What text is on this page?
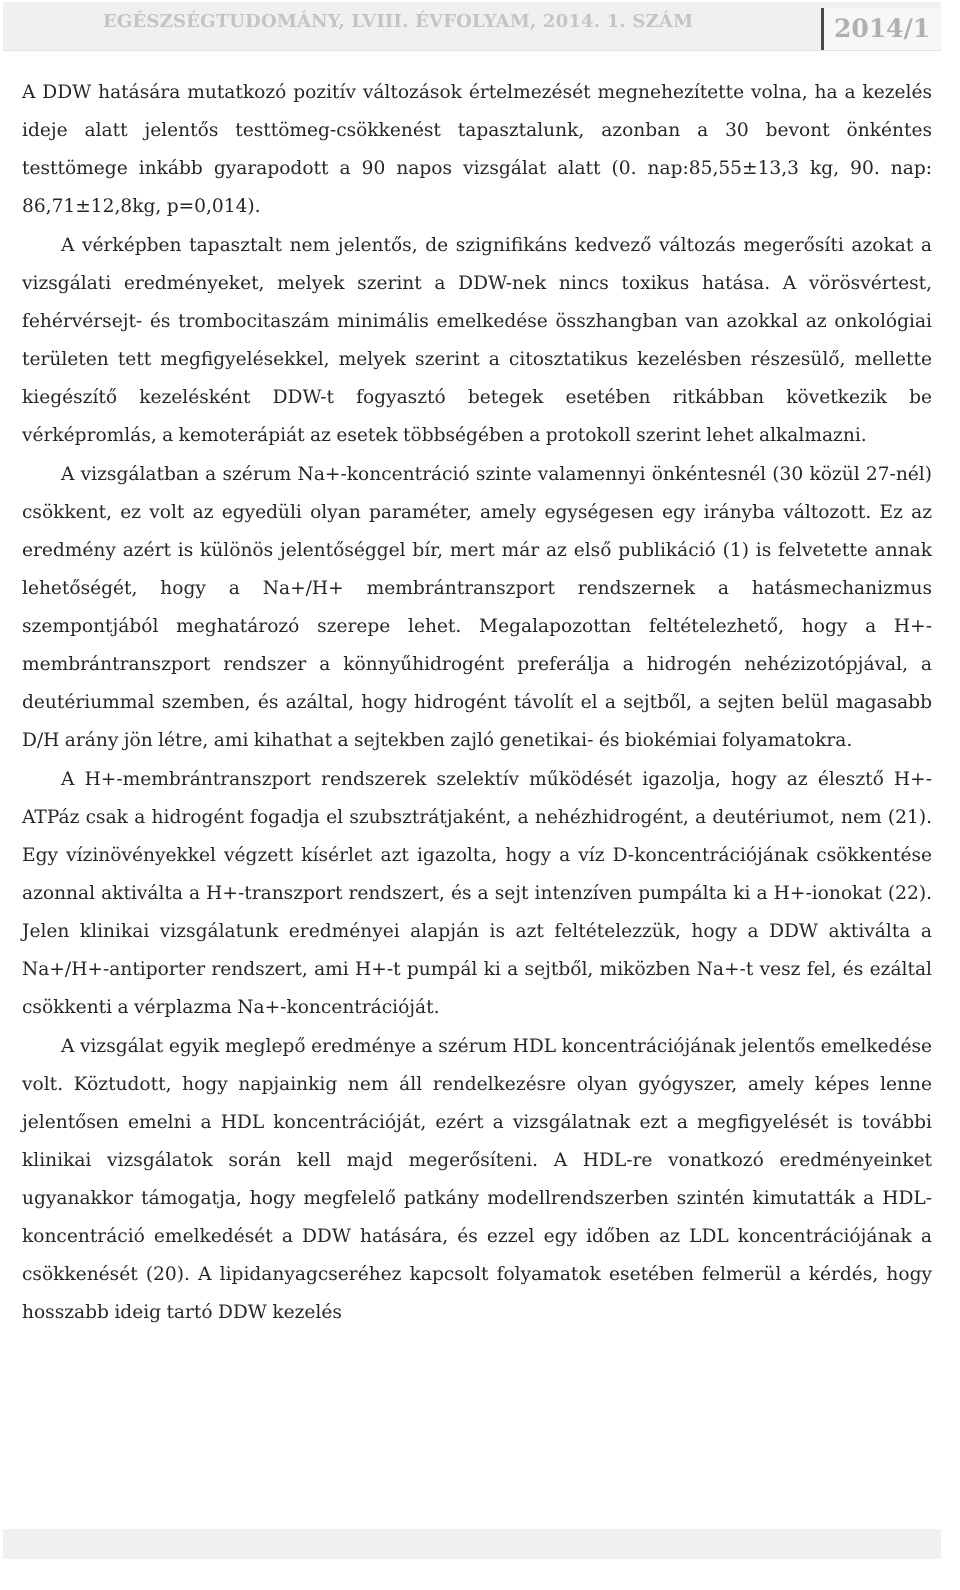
EGÉSZSÉGTUDOMÁNY, LVIII. ÉVFOLYAM, 2014. 1. SZÁM	2014/1

A DDW hatására mutatkozó pozitív változások értelmezését megnehezítette volna, ha a kezelés ideje alatt jelentős testtömeg-csökkenést tapasztalunk, azonban a 30 bevont önkéntes testtömege inkább gyarapodott a 90 napos vizsgálat alatt (0. nap:85,55±13,3 kg, 90. nap: 86,71±12,8kg, p=0,014).

A vérképben tapasztalt nem jelentős, de szignifikáns kedvező változás megerősíti azokat a vizsgálati eredményeket, melyek szerint a DDW-nek nincs toxikus hatása. A vörösvértest, fehérvérsejt- és trombocitaszám minimális emelkedése összhangban van azokkal az onkológiai területen tett megfigyelésekkel, melyek szerint a citosztatikus kezelésben részesülő, mellette kiegészítő kezelésként DDW-t fogyasztó betegek esetében ritkábban következik be vérképromlás, a kemoterápiát az esetek többségében a protokoll szerint lehet alkalmazni.

A vizsgálatban a szérum Na+-koncentráció szinte valamennyi önkéntesnél (30 közül 27-nél) csökkent, ez volt az egyedüli olyan paraméter, amely egységesen egy irányba változott. Ez az eredmény azért is különös jelentőséggel bír, mert már az első publikáció (1) is felvetette annak lehetőségét, hogy a Na+/H+ membrántranszport rendszernek a hatásmechanizmus szempontjából meghatározó szerepe lehet. Megalapozottan feltételezhető, hogy a H+-membrántranszport rendszer a könnyűhidrogént preferálja a hidrogén nehézizotópjával, a deutériummal szemben, és azáltal, hogy hidrogént távolít el a sejtből, a sejten belül magasabb D/H arány jön létre, ami kihathat a sejtekben zajló genetikai- és biokémiai folyamatokra.

A H+-membrántranszport rendszerek szelektív működését igazolja, hogy az élesztő H+-ATPáz csak a hidrogént fogadja el szubsztrátjaként, a nehézhidrogént, a deutériumot, nem (21). Egy vízinövényekkel végzett kísérlet azt igazolta, hogy a víz D-koncentrációjának csökkentése azonnal aktiválta a H+-transzport rendszert, és a sejt intenzíven pumpálta ki a H+-ionokat (22). Jelen klinikai vizsgálatunk eredményei alapján is azt feltételezzük, hogy a DDW aktiválta a Na+/H+-antiporter rendszert, ami H+-t pumpál ki a sejtből, miközben Na+-t vesz fel, és ezáltal csökkenti a vérplazma Na+-koncentrációját.

A vizsgálat egyik meglepő eredménye a szérum HDL koncentrációjának jelentős emelkedése volt. Köztudott, hogy napjainkig nem áll rendelkezésre olyan gyógyszer, amely képes lenne jelentősen emelni a HDL koncentrációját, ezért a vizsgálatnak ezt a megfigyelését is további klinikai vizsgálatok során kell majd megerősíteni. A HDL-re vonatkozó eredményeinket ugyanakkor támogatja, hogy megfelelő patkány modellrendszerben szintén kimutatták a HDL-koncentráció emelkedését a DDW hatására, és ezzel egy időben az LDL koncentrációjának a csökkenését (20). A lipidanyagcseréhez kapcsolt folyamatok esetében felmerül a kérdés, hogy hosszabb ideig tartó DDW kezelés
